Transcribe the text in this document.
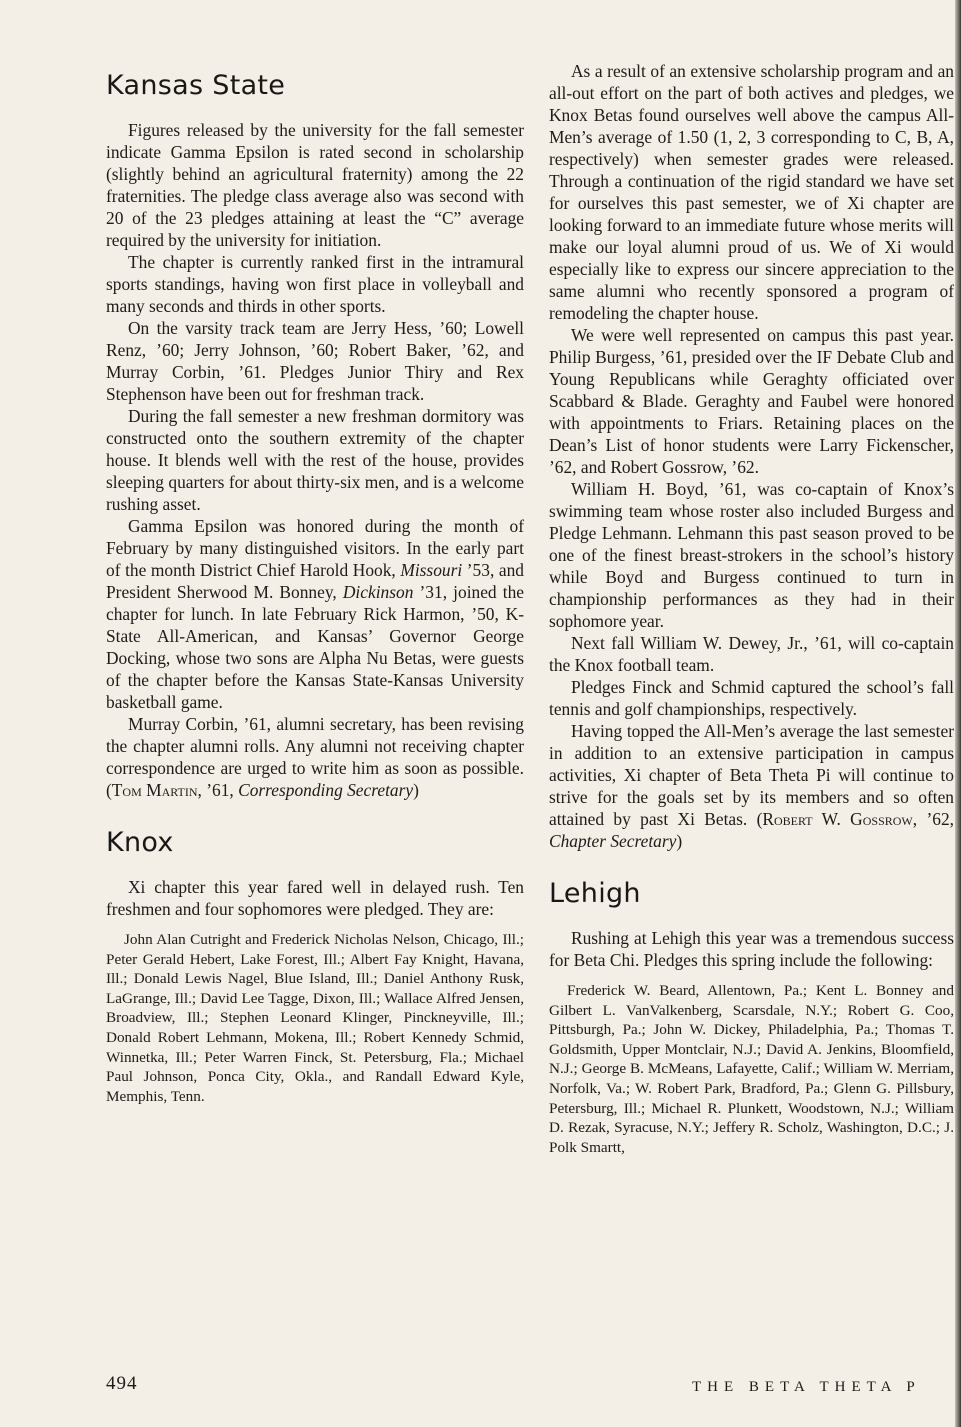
Kansas State

Figures released by the university for the fall semester indicate Gamma Epsilon is rated second in scholarship (slightly behind an agricultural fraternity) among the 22 fraternities. The pledge class average also was second with 20 of the 23 pledges attaining at least the “C” average required by the university for initiation.

The chapter is currently ranked first in the intramural sports standings, having won first place in volleyball and many seconds and thirds in other sports.

On the varsity track team are Jerry Hess, ’60; Lowell Renz, ’60; Jerry Johnson, ’60; Robert Baker, ’62, and Murray Corbin, ’61. Pledges Junior Thiry and Rex Stephenson have been out for freshman track.

During the fall semester a new freshman dormitory was constructed onto the southern extremity of the chapter house. It blends well with the rest of the house, provides sleeping quarters for about thirty-six men, and is a welcome rushing asset.

Gamma Epsilon was honored during the month of February by many distinguished visitors. In the early part of the month District Chief Harold Hook, Missouri ’53, and President Sherwood M. Bonney, Dickinson ’31, joined the chapter for lunch. In late February Rick Harmon, ’50, K-State All-American, and Kansas’ Governor George Docking, whose two sons are Alpha Nu Betas, were guests of the chapter before the Kansas State-Kansas University basketball game.

Murray Corbin, ’61, alumni secretary, has been revising the chapter alumni rolls. Any alumni not receiving chapter correspondence are urged to write him as soon as possible. (Tom Martin, ’61, Corresponding Secretary)

Knox

Xi chapter this year fared well in delayed rush. Ten freshmen and four sophomores were pledged. They are:

John Alan Cutright and Frederick Nicholas Nelson, Chicago, Ill.; Peter Gerald Hebert, Lake Forest, Ill.; Albert Fay Knight, Havana, Ill.; Donald Lewis Nagel, Blue Island, Ill.; Daniel Anthony Rusk, LaGrange, Ill.; David Lee Tagge, Dixon, Ill.; Wallace Alfred Jensen, Broadview, Ill.; Stephen Leonard Klinger, Pinckneyville, Ill.; Donald Robert Lehmann, Mokena, Ill.; Robert Kennedy Schmid, Winnetka, Ill.; Peter Warren Finck, St. Petersburg, Fla.; Michael Paul Johnson, Ponca City, Okla., and Randall Edward Kyle, Memphis, Tenn.

As a result of an extensive scholarship program and an all-out effort on the part of both actives and pledges, we Knox Betas found ourselves well above the campus All-Men’s average of 1.50 (1, 2, 3 corresponding to C, B, A, respectively) when semester grades were released. Through a continuation of the rigid standard we have set for ourselves this past semester, we of Xi chapter are looking forward to an immediate future whose merits will make our loyal alumni proud of us. We of Xi would especially like to express our sincere appreciation to the same alumni who recently sponsored a program of remodeling the chapter house.

We were well represented on campus this past year. Philip Burgess, ’61, presided over the IF Debate Club and Young Republicans while Geraghty officiated over Scabbard & Blade. Geraghty and Faubel were honored with appointments to Friars. Retaining places on the Dean’s List of honor students were Larry Fickenscher, ’62, and Robert Gossrow, ’62.

William H. Boyd, ’61, was co-captain of Knox’s swimming team whose roster also included Burgess and Pledge Lehmann. Lehmann this past season proved to be one of the finest breast-strokers in the school’s history while Boyd and Burgess continued to turn in championship performances as they had in their sophomore year.

Next fall William W. Dewey, Jr., ’61, will co-captain the Knox football team.

Pledges Finck and Schmid captured the school’s fall tennis and golf championships, respectively.

Having topped the All-Men’s average the last semester in addition to an extensive participation in campus activities, Xi chapter of Beta Theta Pi will continue to strive for the goals set by its members and so often attained by past Xi Betas. (Robert W. Gossrow, ’62, Chapter Secretary)

Lehigh

Rushing at Lehigh this year was a tremendous success for Beta Chi. Pledges this spring include the following:

Frederick W. Beard, Allentown, Pa.; Kent L. Bonney and Gilbert L. VanValkenberg, Scarsdale, N.Y.; Robert G. Coo, Pittsburgh, Pa.; John W. Dickey, Philadelphia, Pa.; Thomas T. Goldsmith, Upper Montclair, N.J.; David A. Jenkins, Bloomfield, N.J.; George B. McMeans, Lafayette, Calif.; William W. Merriam, Norfolk, Va.; W. Robert Park, Bradford, Pa.; Glenn G. Pillsbury, Petersburg, Ill.; Michael R. Plunkett, Woodstown, N.J.; William D. Rezak, Syracuse, N.Y.; Jeffery R. Scholz, Washington, D.C.; J. Polk Smartt,

494	THE BETA THETA P
